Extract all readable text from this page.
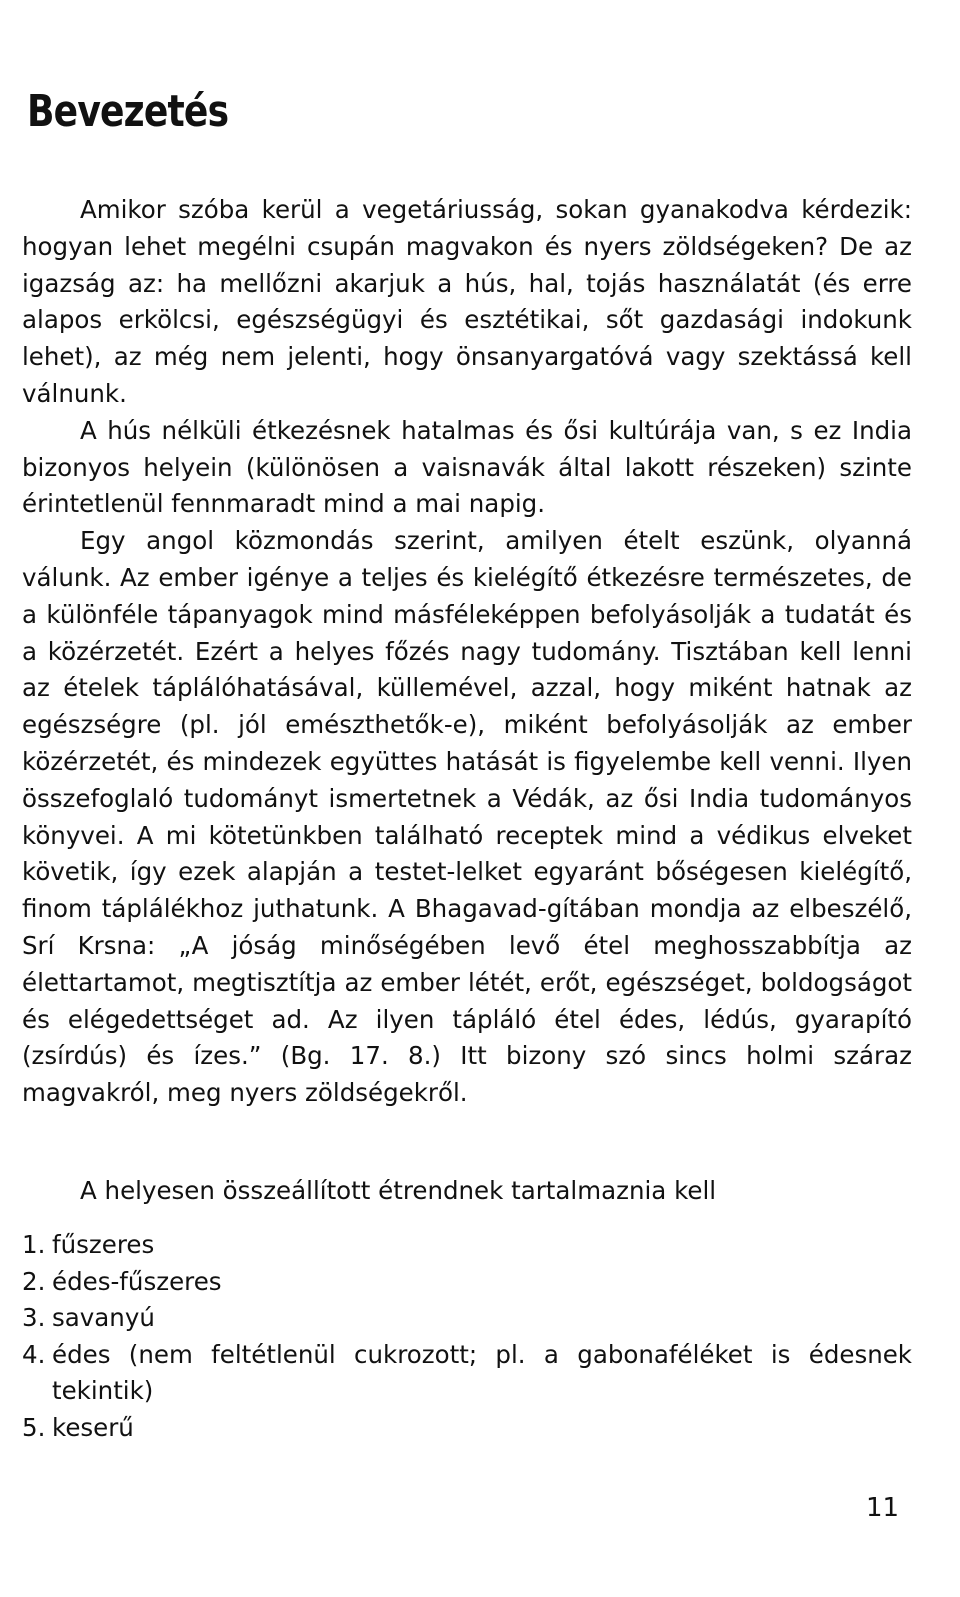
Bevezetés

Amikor szóba kerül a vegetáriusság, sokan gyanakodva kérdezik: hogyan lehet megélni csupán magvakon és nyers zöldségeken? De az igazság az: ha mellőzni akarjuk a hús, hal, tojás használatát (és erre alapos erkölcsi, egészségügyi és esztétikai, sőt gazdasági indokunk lehet), az még nem jelenti, hogy önsanyargatóvá vagy szektássá kell válnunk.

A hús nélküli étkezésnek hatalmas és ősi kultúrája van, s ez India bizonyos helyein (különösen a vaisnavák által lakott részeken) szinte érintetlenül fennmaradt mind a mai napig.

Egy angol közmondás szerint, amilyen ételt eszünk, olyanná válunk. Az ember igénye a teljes és kielégítő étkezésre természetes, de a különféle tápanyagok mind másféleképpen befolyásolják a tudatát és a közérzetét. Ezért a helyes főzés nagy tudomány. Tisztában kell lenni az ételek táplálóhatásával, küllemével, azzal, hogy miként hatnak az egészségre (pl. jól emészthetők-e), miként befolyásolják az ember közérzetét, és mindezek együttes hatását is figyelembe kell venni. Ilyen összefoglaló tudományt ismertetnek a Védák, az ősi India tudományos könyvei. A mi kötetünkben található receptek mind a védikus elveket követik, így ezek alapján a testet-lelket egyaránt bőségesen kielégítő, finom táplálékhoz juthatunk. A Bhagavad-gítában mondja az elbeszélő, Srí Krsna: „A jóság minőségében levő étel meghosszabbítja az élettartamot, megtisztítja az ember létét, erőt, egészséget, boldogságot és elégedettséget ad. Az ilyen tápláló étel édes, lédús, gyarapító (zsírdús) és ízes.” (Bg. 17. 8.) Itt bizony szó sincs holmi száraz magvakról, meg nyers zöldségekről.

A helyesen összeállított étrendnek tartalmaznia kell

1. fűszeres
2. édes-fűszeres
3. savanyú
4. édes (nem feltétlenül cukrozott; pl. a gabonaféléket is édesnek tekintik)
5. keserű
11
